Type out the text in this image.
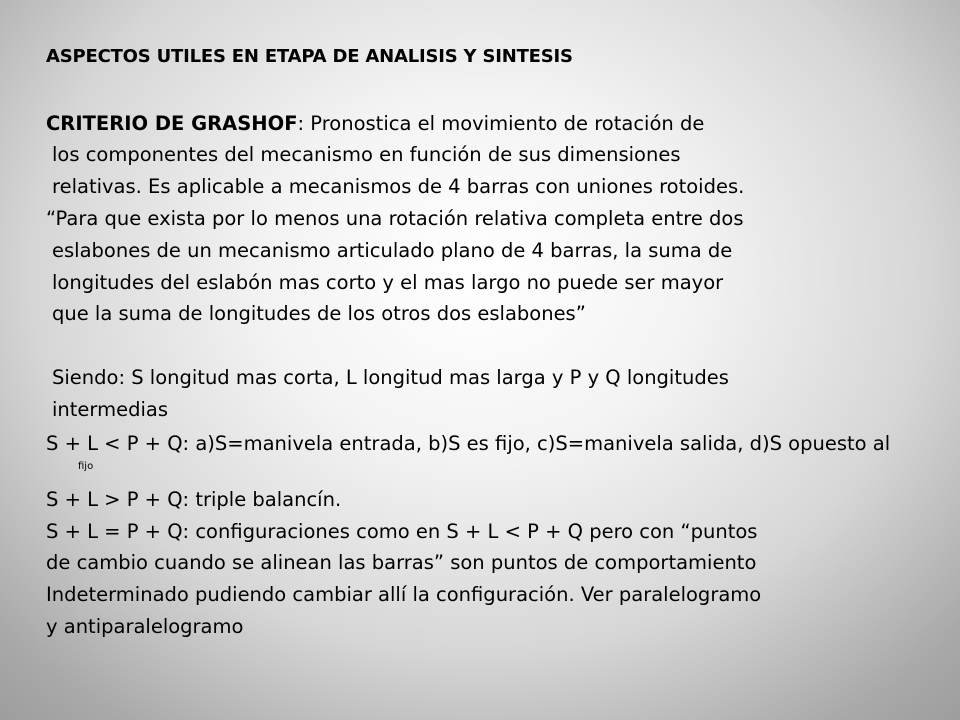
ASPECTOS UTILES EN ETAPA DE ANALISIS Y SINTESIS
CRITERIO DE GRASHOF: Pronostica el movimiento de rotación de
los componentes del mecanismo en función de sus dimensiones
relativas. Es aplicable a mecanismos de 4 barras con uniones rotoides.
“Para que exista por lo menos una rotación relativa completa entre dos
eslabones de un mecanismo articulado plano de 4 barras, la suma de
longitudes del eslabón mas corto y el mas largo no puede ser mayor
que la suma de longitudes de los otros dos eslabones”
Siendo: S longitud mas corta, L longitud mas larga y P y Q longitudes
intermedias
S + L < P + Q: a)S=manivela entrada, b)S es fijo, c)S=manivela salida, d)S opuesto al
fijo
S + L > P + Q: triple balancín.
S + L = P + Q: configuraciones como en S + L < P + Q pero con “puntos
de cambio cuando se alinean las barras” son puntos de comportamiento
Indeterminado pudiendo cambiar allí la configuración. Ver paralelogramo
y antiparalelogramo
